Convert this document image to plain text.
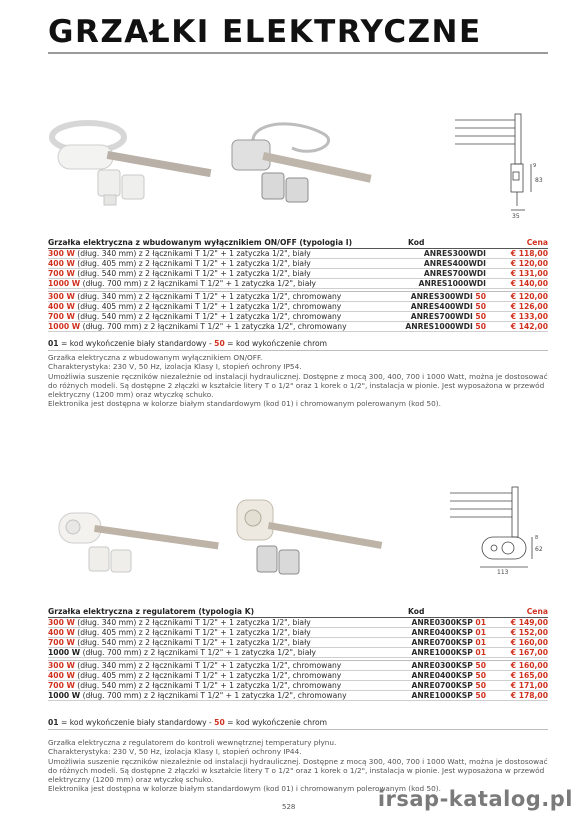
GRZAŁKI ELEKTRYCZNE
83
35
9
Grzałka elektryczna z wbudowanym wyłącznikiem ON/OFF (typologia I)	Kod	Cena
300 W (dług. 340 mm) z 2 łącznikami T 1/2" + 1 zatyczka 1/2", biały	ANRES300WDI	€ 118,00
400 W (dług. 405 mm) z 2 łącznikami T 1/2" + 1 zatyczka 1/2", biały	ANRES400WDI	€ 120,00
700 W (dług. 540 mm) z 2 łącznikami T 1/2" + 1 zatyczka 1/2", biały	ANRES700WDI	€ 131,00
1000 W (dług. 700 mm) z 2 łącznikami T 1/2" + 1 zatyczka 1/2", biały	ANRES1000WDI	€ 140,00
300 W (dług. 340 mm) z 2 łącznikami T 1/2" + 1 zatyczka 1/2", chromowany	ANRES300WDI 50	€ 120,00
400 W (dług. 405 mm) z 2 łącznikami T 1/2" + 1 zatyczka 1/2", chromowany	ANRES400WDI 50	€ 126,00
700 W (dług. 540 mm) z 2 łącznikami T 1/2" + 1 zatyczka 1/2", chromowany	ANRES700WDI 50	€ 133,00
1000 W (dług. 700 mm) z 2 łącznikami T 1/2" + 1 zatyczka 1/2", chromowany	ANRES1000WDI 50	€ 142,00
01 = kod wykończenie biały standardowy - 50 = kod wykończenie chrom
Grzałka elektryczna z wbudowanym wyłącznikiem ON/OFF.
Charakterystyka: 230 V, 50 Hz, izolacja Klasy I, stopień ochrony IP54.
Umożliwia suszenie ręczników niezależnie od instalacji hydraulicznej. Dostępne z mocą 300, 400, 700 i 1000 Watt, można je dostosować do różnych modeli. Są dostępne 2 złączki w kształcie litery T o 1/2" oraz 1 korek o 1/2", instalacja w pionie. Jest wyposażona w przewód elektryczny (1200 mm) oraz wtyczkę schuko.
Elektronika jest dostępna w kolorze białym standardowym (kod 01) i chromowanym polerowanym (kod 50).
62
113
8
Grzałka elektryczna z regulatorem (typologia K)	Kod	Cena
300 W (dług. 340 mm) z 2 łącznikami T 1/2" + 1 zatyczka 1/2", biały	ANRE0300KSP 01	€ 149,00
400 W (dług. 405 mm) z 2 łącznikami T 1/2" + 1 zatyczka 1/2", biały	ANRE0400KSP 01	€ 152,00
700 W (dług. 540 mm) z 2 łącznikami T 1/2" + 1 zatyczka 1/2", biały	ANRE0700KSP 01	€ 160,00
1000 W (dług. 700 mm) z 2 łącznikami T 1/2" + 1 zatyczka 1/2", biały	ANRE1000KSP 01	€ 167,00
300 W (dług. 340 mm) z 2 łącznikami T 1/2" + 1 zatyczka 1/2", chromowany	ANRE0300KSP 50	€ 160,00
400 W (dług. 405 mm) z 2 łącznikami T 1/2" + 1 zatyczka 1/2", chromowany	ANRE0400KSP 50	€ 165,00
700 W (dług. 540 mm) z 2 łącznikami T 1/2" + 1 zatyczka 1/2", chromowany	ANRE0700KSP 50	€ 171,00
1000 W (dług. 700 mm) z 2 łącznikami T 1/2" + 1 zatyczka 1/2", chromowany	ANRE1000KSP 50	€ 178,00
01 = kod wykończenie biały standardowy - 50 = kod wykończenie chrom
Grzałka elektryczna z regulatorem do kontroli wewnętrznej temperatury płynu.
Charakterystyka: 230 V, 50 Hz, izolacja Klasy I, stopień ochrony IP44.
Umożliwia suszenie ręczników niezależnie od instalacji hydraulicznej. Dostępne z mocą 300, 400, 700 i 1000 Watt, można je dostosować do różnych modeli. Są dostępne 2 złączki w kształcie litery T o 1/2" oraz 1 korek o 1/2", instalacja w pionie. Jest wyposażona w przewód elektryczny (1200 mm) oraz wtyczkę schuko.
Elektronika jest dostępna w kolorze białym standardowym (kod 01) i chromowanym polerowanym (kod 50).
528	irsap-katalog.pl
